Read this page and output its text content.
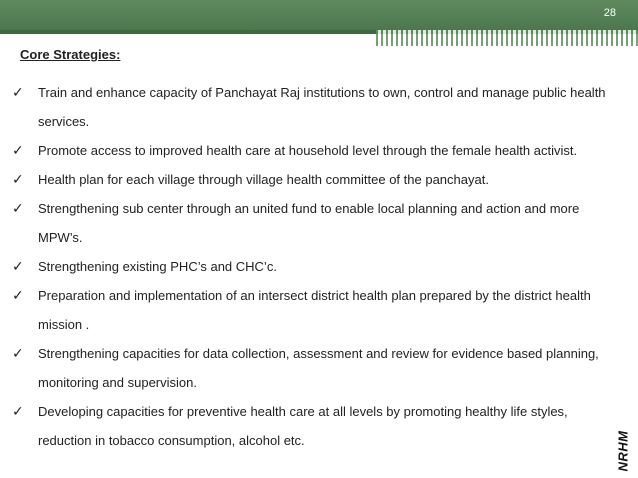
28
Core Strategies:
✓ Train and enhance capacity of Panchayat Raj institutions to own, control and manage public health services.
✓ Promote access to improved health care at household level through the female health activist.
✓ Health plan for each village through village health committee of the panchayat.
✓ Strengthening sub center through an united fund to enable local planning and action and more MPW’s.
✓ Strengthening existing PHC’s and CHC’c.
✓ Preparation and implementation of an intersect district health plan prepared by the district health mission .
✓ Strengthening capacities for data collection, assessment and review for evidence based planning, monitoring and supervision.
✓ Developing capacities for preventive health care at all levels by promoting healthy life styles, reduction in tobacco consumption, alcohol etc.	NRHM
